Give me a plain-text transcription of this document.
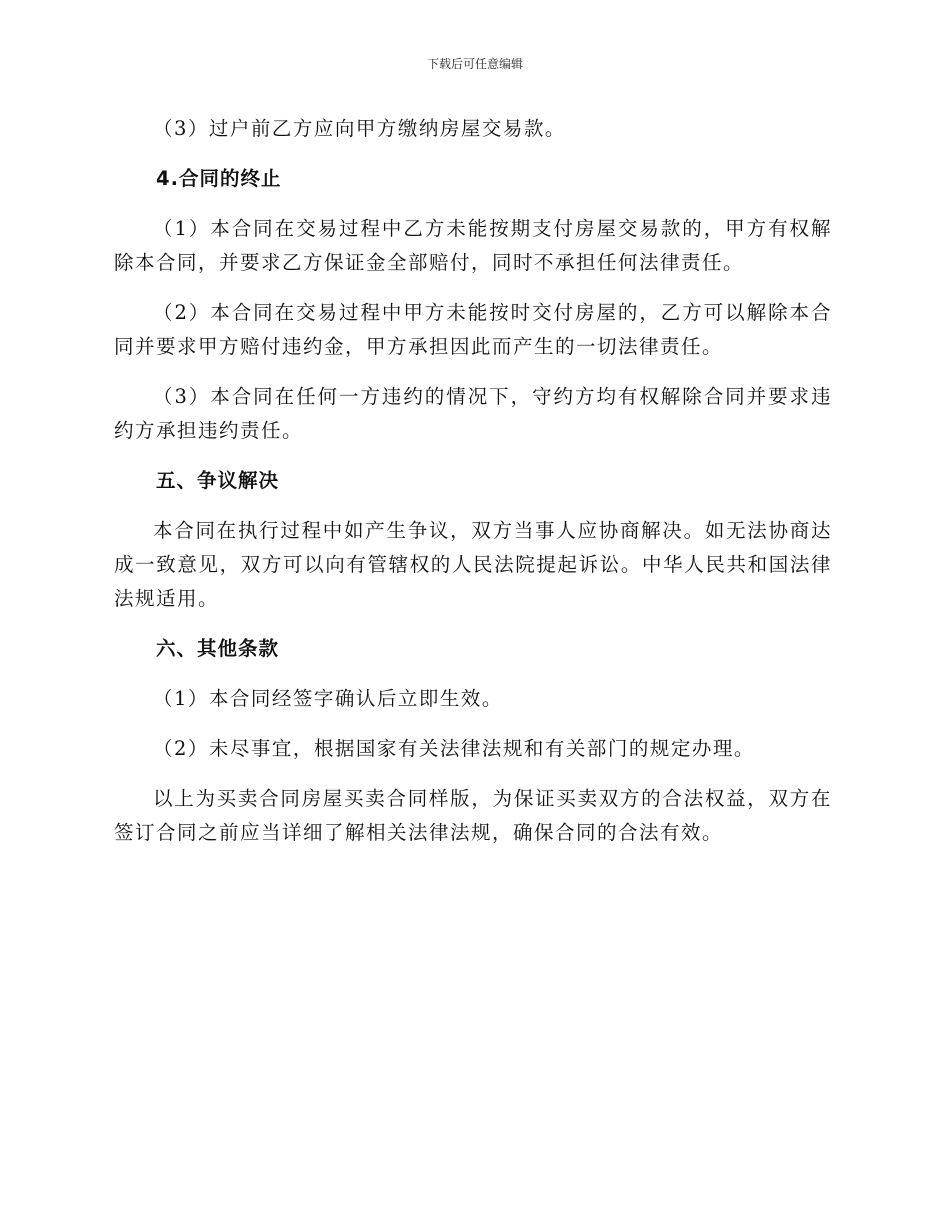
下载后可任意编辑

（3）过户前乙方应向甲方缴纳房屋交易款。

4.合同的终止

（1）本合同在交易过程中乙方未能按期支付房屋交易款的，甲方有权解除本合同，并要求乙方保证金全部赔付，同时不承担任何法律责任。

（2）本合同在交易过程中甲方未能按时交付房屋的，乙方可以解除本合同并要求甲方赔付违约金，甲方承担因此而产生的一切法律责任。

（3）本合同在任何一方违约的情况下，守约方均有权解除合同并要求违约方承担违约责任。

五、争议解决

本合同在执行过程中如产生争议，双方当事人应协商解决。如无法协商达成一致意见，双方可以向有管辖权的人民法院提起诉讼。中华人民共和国法律法规适用。

六、其他条款

（1）本合同经签字确认后立即生效。

（2）未尽事宜，根据国家有关法律法规和有关部门的规定办理。

以上为买卖合同房屋买卖合同样版，为保证买卖双方的合法权益，双方在签订合同之前应当详细了解相关法律法规，确保合同的合法有效。
